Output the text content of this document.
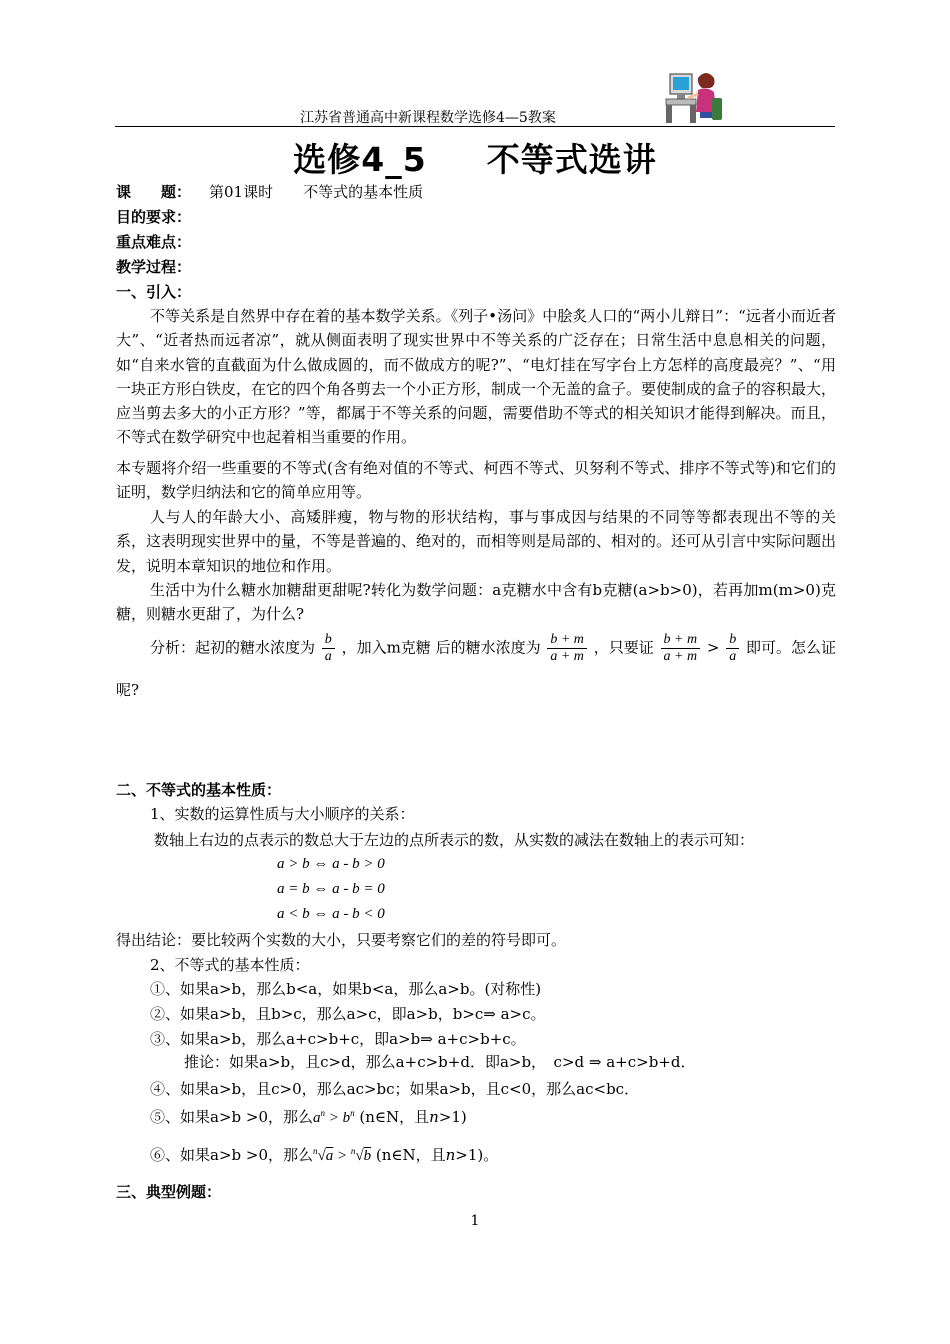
江苏省普通高中新课程数学选修4—5教案
选修4_5 不等式选讲
课　　题： 第01课时　　不等式的基本性质
目的要求：
重点难点：
教学过程：
一、引入：
不等关系是自然界中存在着的基本数学关系。《列子•汤问》中脍炙人口的“两小儿辩日”：“远者小而近者大”、“近者热而远者凉”，就从侧面表明了现实世界中不等关系的广泛存在；日常生活中息息相关的问题，如“自来水管的直截面为什么做成圆的，而不做成方的呢?”、“电灯挂在写字台上方怎样的高度最亮？”、“用一块正方形白铁皮，在它的四个角各剪去一个小正方形，制成一个无盖的盒子。要使制成的盒子的容积最大，应当剪去多大的小正方形？”等，都属于不等关系的问题，需要借助不等式的相关知识才能得到解决。而且，不等式在数学研究中也起着相当重要的作用。
本专题将介绍一些重要的不等式(含有绝对值的不等式、柯西不等式、贝努利不等式、排序不等式等)和它们的证明，数学归纳法和它的简单应用等。
人与人的年龄大小、高矮胖瘦，物与物的形状结构，事与事成因与结果的不同等等都表现出不等的关系，这表明现实世界中的量，不等是普遍的、绝对的，而相等则是局部的、相对的。还可从引言中实际问题出发，说明本章知识的地位和作用。
生活中为什么糖水加糖甜更甜呢?转化为数学问题：a克糖水中含有b克糖(a>b>0)，若再加m(m>0)克糖，则糖水更甜了，为什么?
分析：起初的糖水浓度为 $\frac{b}{a}$ ，加入m克糖 后的糖水浓度为 $\frac{b + m}{a + m}$ ，只要证 $\frac{b + m}{a + m} > \frac{b}{a}$ 即可。怎么证
呢?
二、不等式的基本性质：
1、实数的运算性质与大小顺序的关系：
数轴上右边的点表示的数总大于左边的点所表示的数，从实数的减法在数轴上的表示可知：
a > b ⇔ a - b > 0
a = b ⇔ a - b = 0
a < b ⇔ a - b < 0
得出结论：要比较两个实数的大小，只要考察它们的差的符号即可。
2、不等式的基本性质：
①、如果a>b，那么b<a，如果b<a，那么a>b。(对称性)
②、如果a>b，且b>c，那么a>c，即a>b，b>c⇒ a>c。
③、如果a>b，那么a+c>b+c，即a>b⇒ a+c>b+c。
推论：如果a>b，且c>d，那么a+c>b+d．即a>b，　c>d ⇒ a+c>b+d．
④、如果a>b，且c>0，那么ac>bc；如果a>b，且c<0，那么ac<bc．
⑤、如果a>b >0，那么$a^n > b^n$ (n∈N，且n>1)
⑥、如果a>b >0，那么$^n$√a > $^n$√b (n∈N，且n>1)。
三、典型例题：
1
